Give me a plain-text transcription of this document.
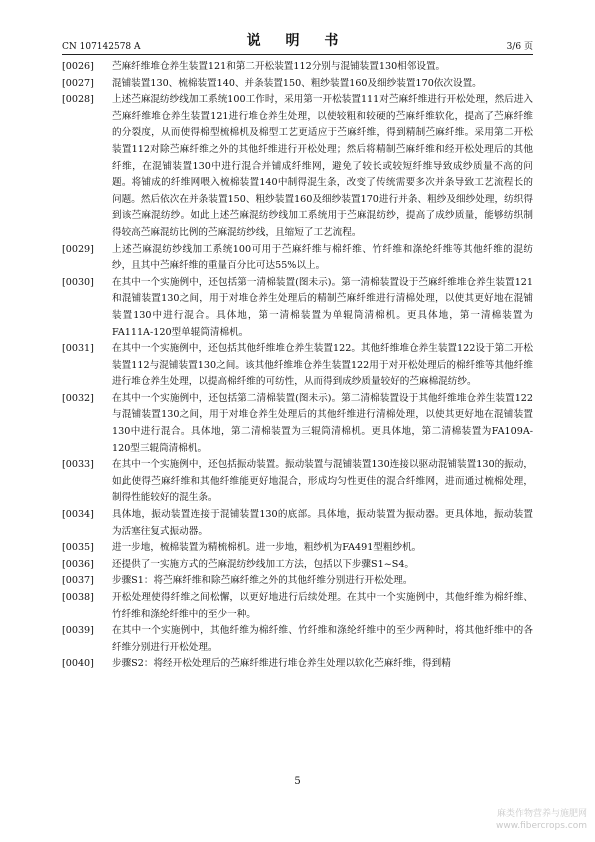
CN 107142578 A	说 明 书	3/6 页
[0026]	苎麻纤维堆仓养生装置121和第二开松装置112分别与混铺装置130相邻设置。
[0027]	混铺装置130、梳棉装置140、并条装置150、粗纱装置160及细纱装置170依次设置。
[0028]	上述苎麻混纺纱线加工系统100工作时，采用第一开松装置111对苎麻纤维进行开松处理，然后进入苎麻纤维堆仓养生装置121进行堆仓养生处理，以使较粗和较硬的苎麻纤维软化，提高了苎麻纤维的分裂度，从而使得棉型梳棉机及棉型工艺更适应于苎麻纤维，得到精制苎麻纤维。采用第二开松装置112对除苎麻纤维之外的其他纤维进行开松处理；然后将精制苎麻纤维和经开松处理后的其他纤维，在混铺装置130中进行混合并铺成纤维网，避免了较长或较短纤维导致成纱质量不高的问题。将铺成的纤维网喂入梳棉装置140中制得混生条，改变了传统需要多次并条导致工艺流程长的问题。然后依次在并条装置150、粗纱装置160及细纱装置170进行并条、粗纱及细纱处理，纺织得到该苎麻混纺纱。如此上述苎麻混纺纱线加工系统用于苎麻混纺纱，提高了成纱质量，能够纺织制得较高苎麻混纺比例的苎麻混纺纱线，且缩短了工艺流程。
[0029]	上述苎麻混纺纱线加工系统100可用于苎麻纤维与棉纤维、竹纤维和涤纶纤维等其他纤维的混纺纱，且其中苎麻纤维的重量百分比可达55%以上。
[0030]	在其中一个实施例中，还包括第一清棉装置(图未示)。第一清棉装置设于苎麻纤维堆仓养生装置121和混铺装置130之间，用于对堆仓养生处理后的精制苎麻纤维进行清棉处理，以使其更好地在混铺装置130中进行混合。具体地，第一清棉装置为单辊筒清棉机。更具体地，第一清棉装置为FA111A-120型单辊筒清棉机。
[0031]	在其中一个实施例中，还包括其他纤维堆仓养生装置122。其他纤维堆仓养生装置122设于第二开松装置112与混铺装置130之间。该其他纤维堆仓养生装置122用于对开松处理后的棉纤维等其他纤维进行堆仓养生处理，以提高棉纤维的可纺性，从而得到成纱质量较好的苎麻棉混纺纱。
[0032]	在其中一个实施例中，还包括第二清棉装置(图未示)。第二清棉装置设于其他纤维堆仓养生装置122与混铺装置130之间，用于对堆仓养生处理后的其他纤维进行清棉处理，以使其更好地在混铺装置130中进行混合。具体地，第二清棉装置为三辊筒清棉机。更具体地，第二清棉装置为FA109A-120型三辊筒清棉机。
[0033]	在其中一个实施例中，还包括振动装置。振动装置与混铺装置130连接以驱动混铺装置130的振动，如此使得苎麻纤维和其他纤维能更好地混合，形成均匀性更佳的混合纤维网，进而通过梳棉处理，制得性能较好的混生条。
[0034]	具体地，振动装置连接于混铺装置130的底部。具体地，振动装置为振动器。更具体地，振动装置为活塞往复式振动器。
[0035]	进一步地，梳棉装置为精梳棉机。进一步地，粗纱机为FA491型粗纱机。
[0036]	还提供了一实施方式的苎麻混纺纱线加工方法，包括以下步骤S1~S4。
[0037]	步骤S1：将苎麻纤维和除苎麻纤维之外的其他纤维分别进行开松处理。
[0038]	开松处理使得纤维之间松懈，以更好地进行后续处理。在其中一个实施例中，其他纤维为棉纤维、竹纤维和涤纶纤维中的至少一种。
[0039]	在其中一个实施例中，其他纤维为棉纤维、竹纤维和涤纶纤维中的至少两种时，将其他纤维中的各纤维分别进行开松处理。
[0040]	步骤S2：将经开松处理后的苎麻纤维进行堆仓养生处理以软化苎麻纤维，得到精
5
麻类作物营养与施肥网
www.fibercrops.com
